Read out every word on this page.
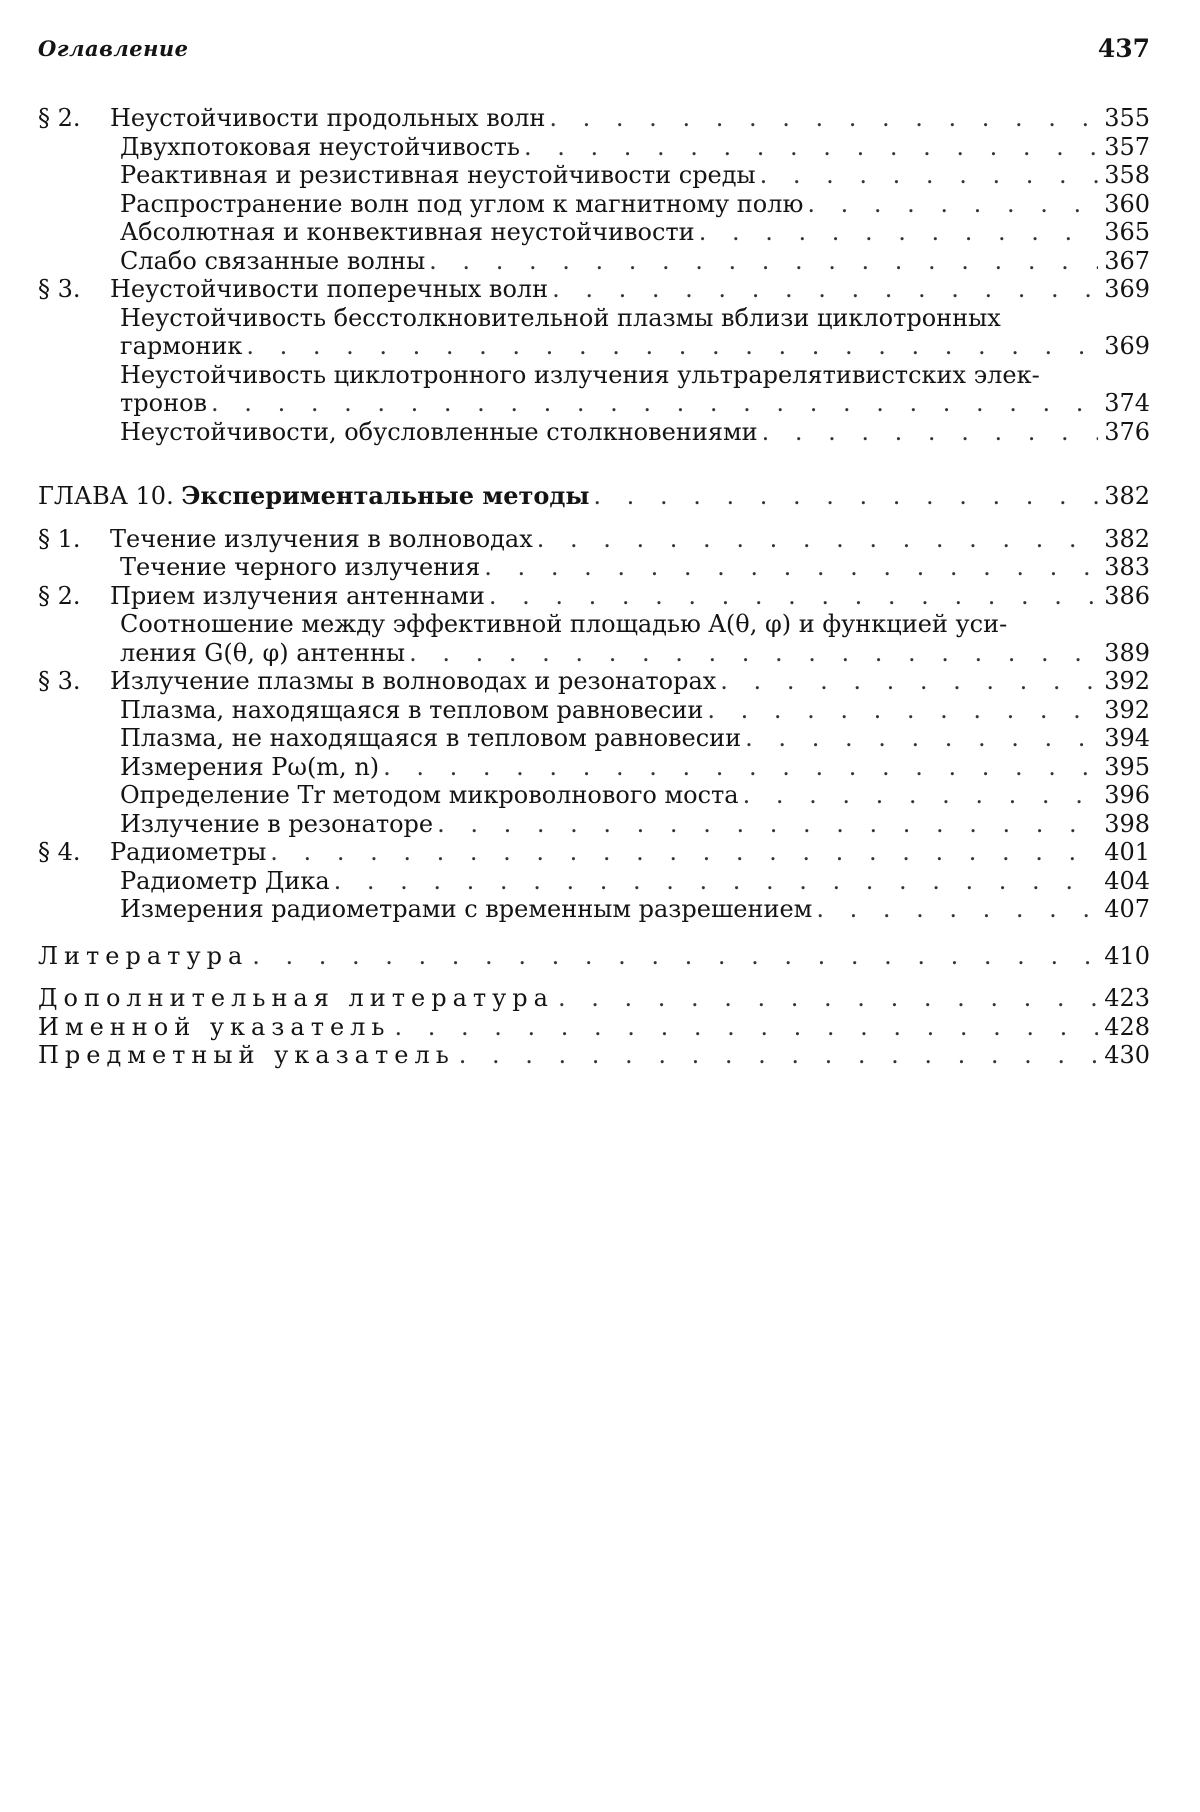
Оглавление	437
§ 2.	Неустойчивости продольных волн . . . . . . . . . . . . . . . . . 355
Двухпотоковая неустойчивость . . . . . . . . . . . . . . . . .	357
Реактивная и резистивная неустойчивости среды . . . . . . . . . .	358
Распространение волн под углом к магнитному полю . . . . . . . . . 360
Абсолютная и конвективная неустойчивости . . . . . . . . . . . . 365
Слабо связанные волны . . . . . . . . . . . . . . . . . . . .	367
§ 3.	Неустойчивости поперечных волн . . . . . . . . . . . . . . . .	369
Неустойчивость бесстолкновительной плазмы вблизи циклотронных
гармоник . . . . . . . . . . . . . . . . . . . . . . . . . . 369
Неустойчивость циклотронного излучения ультрарелятивистских элек-
тронов . . . . . . . . . . . . . . . . . . . . . . . . . . . 374
Неустойчивости, обусловленные столкновениями . . . . . . . . . .	376
ГЛАВА 10. Экспериментальные методы . . . . . . . . . . . . . . .	382
§ 1.	Течение излучения в волноводах . . . . . . . . . . . . . . . . . 382
Течение черного излучения . . . . . . . . . . . . . . . . . . . 383
§ 2.	Прием излучения антеннами . . . . . . . . . . . . . . . . . .	386
Соотношение между эффективной площадью A(θ, φ) и функцией уси-
ления G(θ, φ) антенны . . . . . . . . . . . . . . . . . . . . . 389
§ 3.	Излучение плазмы в волноводах и резонаторах . . . . . . . . . . .	392
Плазма, находящаяся в тепловом равновесии . . . . . . . . . . . . 392
Плазма, не находящаяся в тепловом равновесии . . . . . . . . . . . 394
Измерения Pω(m, n) . . . . . . . . . . . . . . . . . . . . . . 395
Определение Tr методом микроволнового моста . . . . . . . . . . . 396
Излучение в резонаторе . . . . . . . . . . . . . . . . . . . . 398
§ 4.	Радиометры . . . . . . . . . . . . . . . . . . . . . . . . . 401
Радиометр Дика . . . . . . . . . . . . . . . . . . . . . . . 404
Измерения радиометрами с временным разрешением . . . . . . . . . 407
Литература . . . . . . . . . . . . . . . . . . . . . . . . .	410
Дополнительная литература . . . . . . . . . . . . . . . .	423
Именной указатель . . . . . . . . . . . . . . . . . . . . .	428
Предметный указатель . . . . . . . . . . . . . . . . . . .	430
